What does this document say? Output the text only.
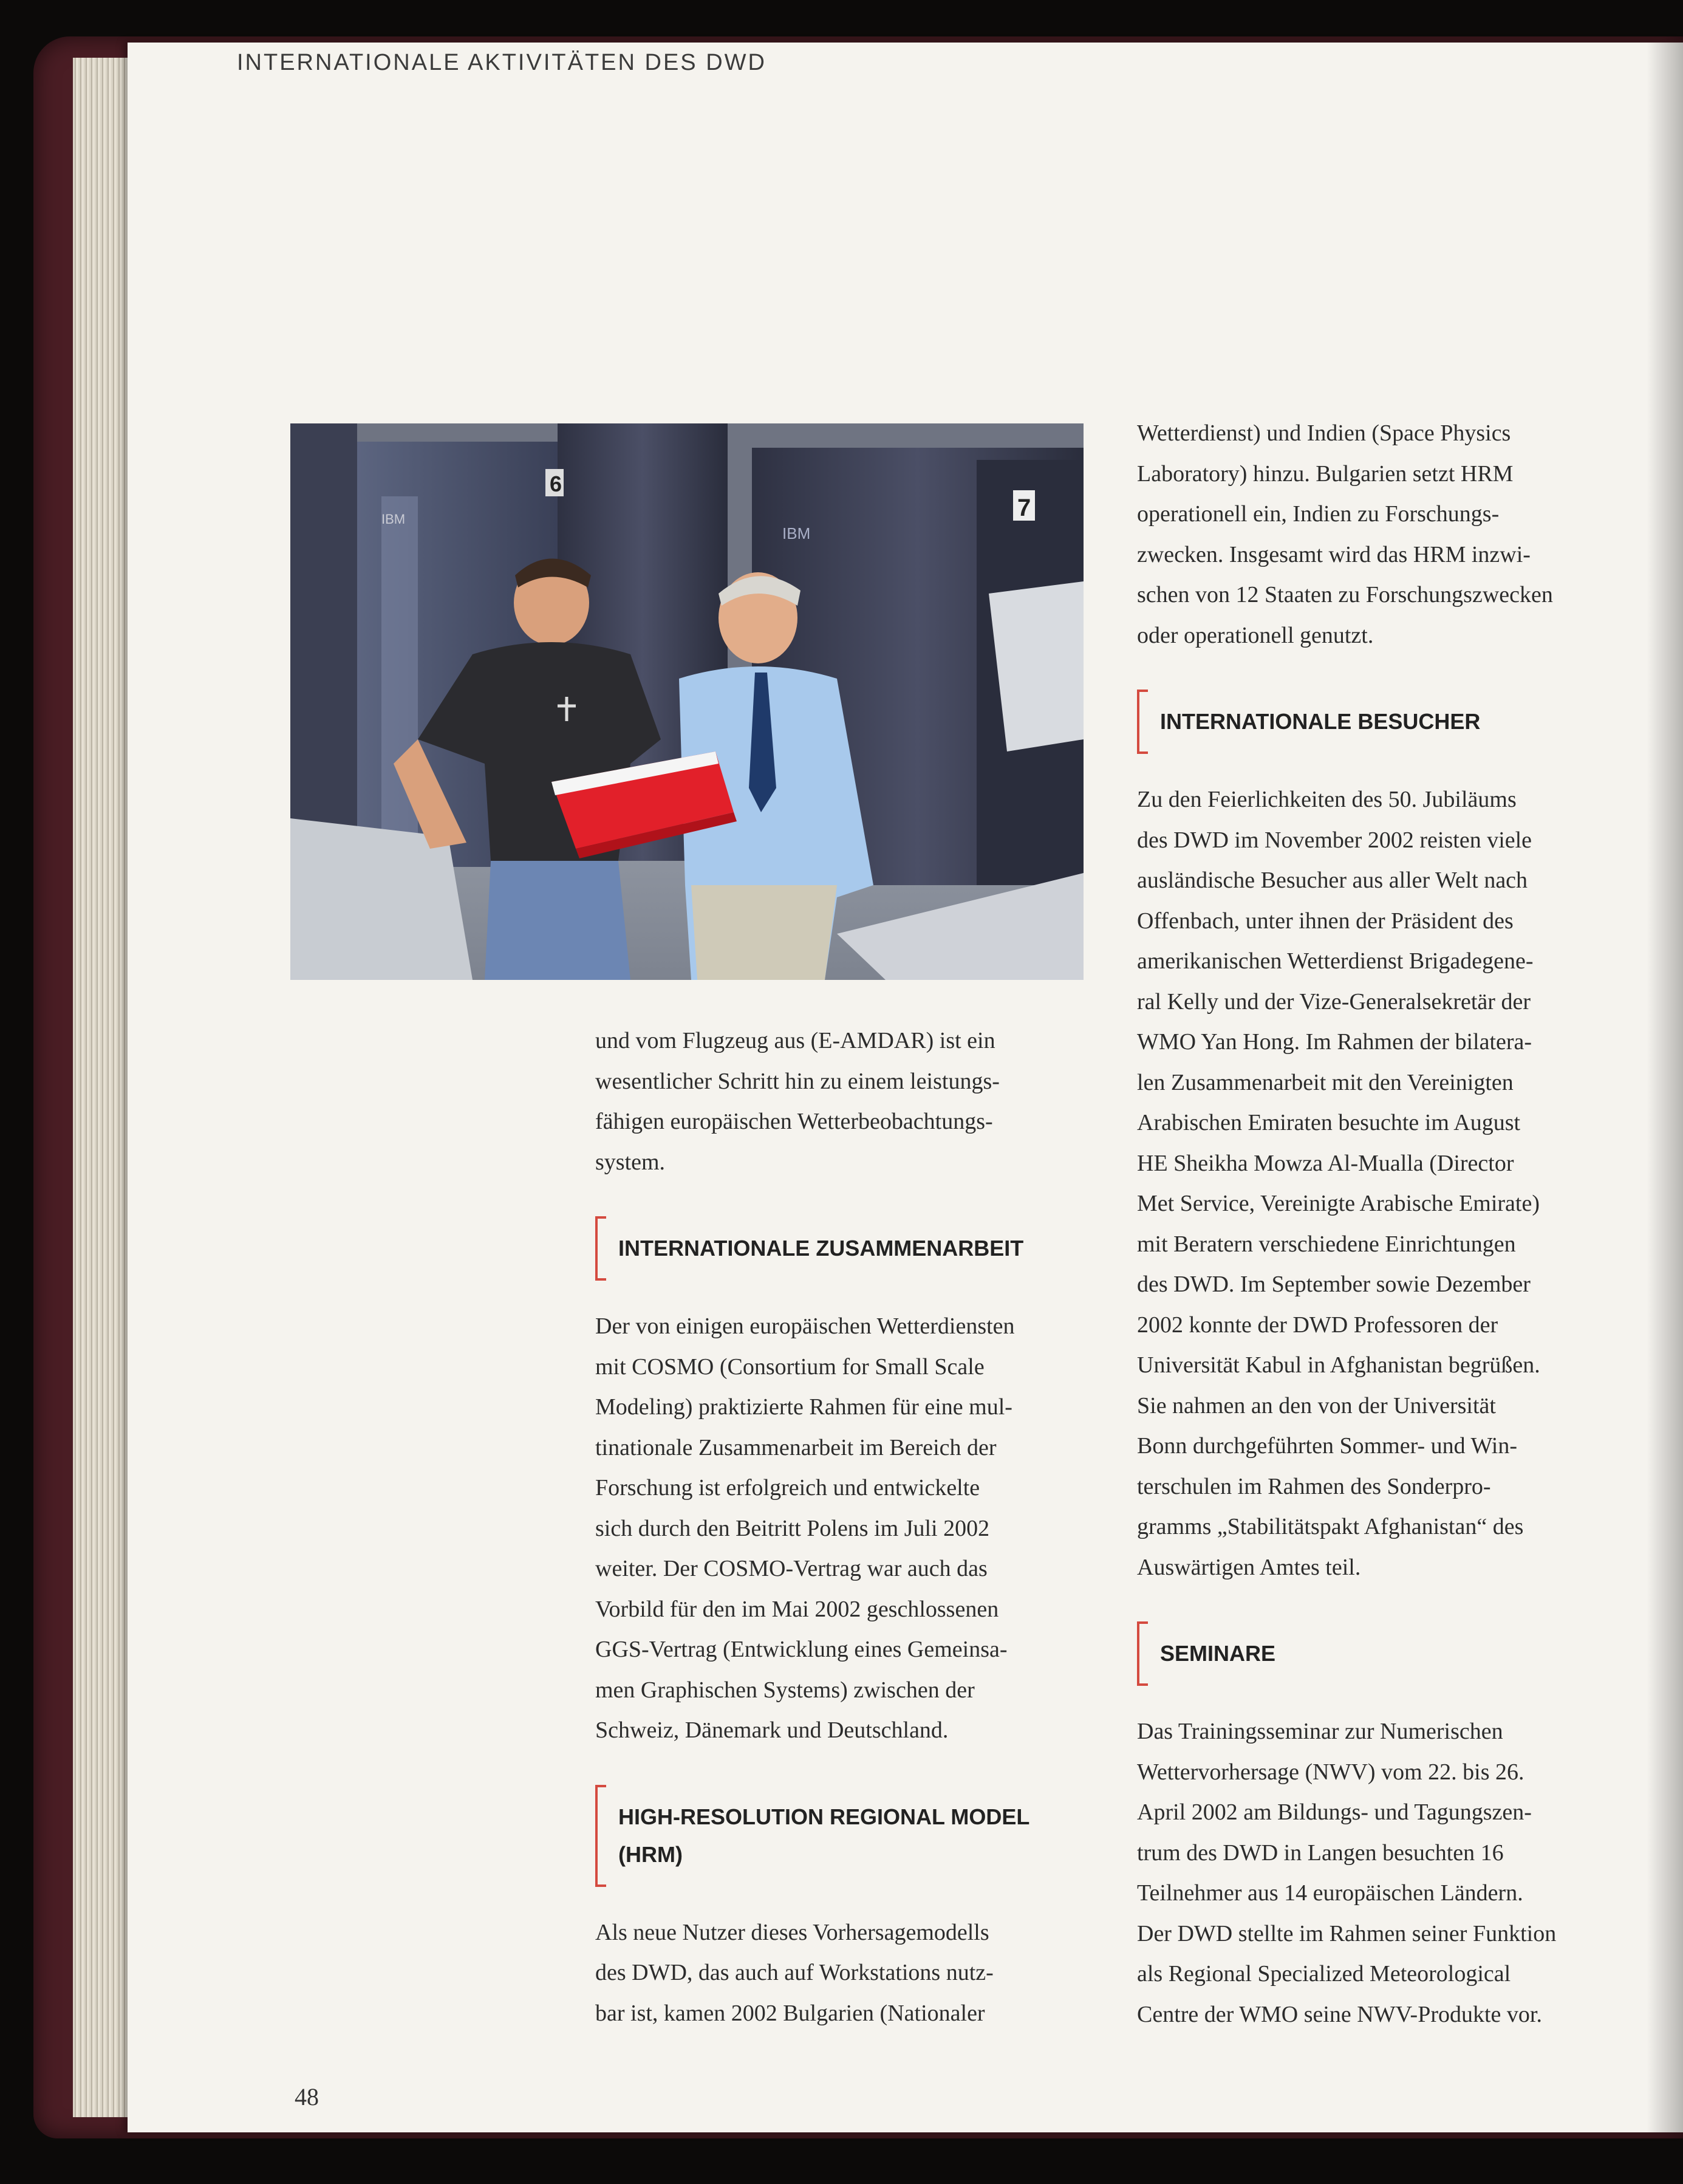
INTERNATIONALE AKTIVITÄTEN DES DWD
6
7
IBM
IBM

und vom Flugzeug aus (E-AMDAR) ist ein
wesentlicher Schritt hin zu einem leistungs-
fähigen europäischen Wetterbeobachtungs-
system.

INTERNATIONALE ZUSAMMENARBEIT

Der von einigen europäischen Wetterdiensten
mit COSMO (Consortium for Small Scale
Modeling) praktizierte Rahmen für eine mul-
tinationale Zusammenarbeit im Bereich der
Forschung ist erfolgreich und entwickelte
sich durch den Beitritt Polens im Juli 2002
weiter. Der COSMO-Vertrag war auch das
Vorbild für den im Mai 2002 geschlossenen
GGS-Vertrag (Entwicklung eines Gemeinsa-
men Graphischen Systems) zwischen der
Schweiz, Dänemark und Deutschland.

HIGH-RESOLUTION REGIONAL MODEL
(HRM)

Als neue Nutzer dieses Vorhersagemodells
des DWD, das auch auf Workstations nutz-
bar ist, kamen 2002 Bulgarien (Nationaler

Wetterdienst) und Indien (Space Physics
Laboratory) hinzu. Bulgarien setzt HRM
operationell ein, Indien zu Forschungs-
zwecken. Insgesamt wird das HRM inzwi-
schen von 12 Staaten zu Forschungszwecken
oder operationell genutzt.

INTERNATIONALE BESUCHER

Zu den Feierlichkeiten des 50. Jubiläums
des DWD im November 2002 reisten viele
ausländische Besucher aus aller Welt nach
Offenbach, unter ihnen der Präsident des
amerikanischen Wetterdienst Brigadegene-
ral Kelly und der Vize-Generalsekretär der
WMO Yan Hong. Im Rahmen der bilatera-
len Zusammenarbeit mit den Vereinigten
Arabischen Emiraten besuchte im August
HE Sheikha Mowza Al-Mualla (Director
Met Service, Vereinigte Arabische Emirate)
mit Beratern verschiedene Einrichtungen
des DWD. Im September sowie Dezember
2002 konnte der DWD Professoren der
Universität Kabul in Afghanistan begrüßen.
Sie nahmen an den von der Universität
Bonn durchgeführten Sommer- und Win-
terschulen im Rahmen des Sonderpro-
gramms „Stabilitätspakt Afghanistan“ des
Auswärtigen Amtes teil.

SEMINARE

Das Trainingsseminar zur Numerischen
Wettervorhersage (NWV) vom 22. bis 26.
April 2002 am Bildungs- und Tagungszen-
trum des DWD in Langen besuchten 16
Teilnehmer aus 14 europäischen Ländern.
Der DWD stellte im Rahmen seiner Funktion
als Regional Specialized Meteorological
Centre der WMO seine NWV-Produkte vor.

48
